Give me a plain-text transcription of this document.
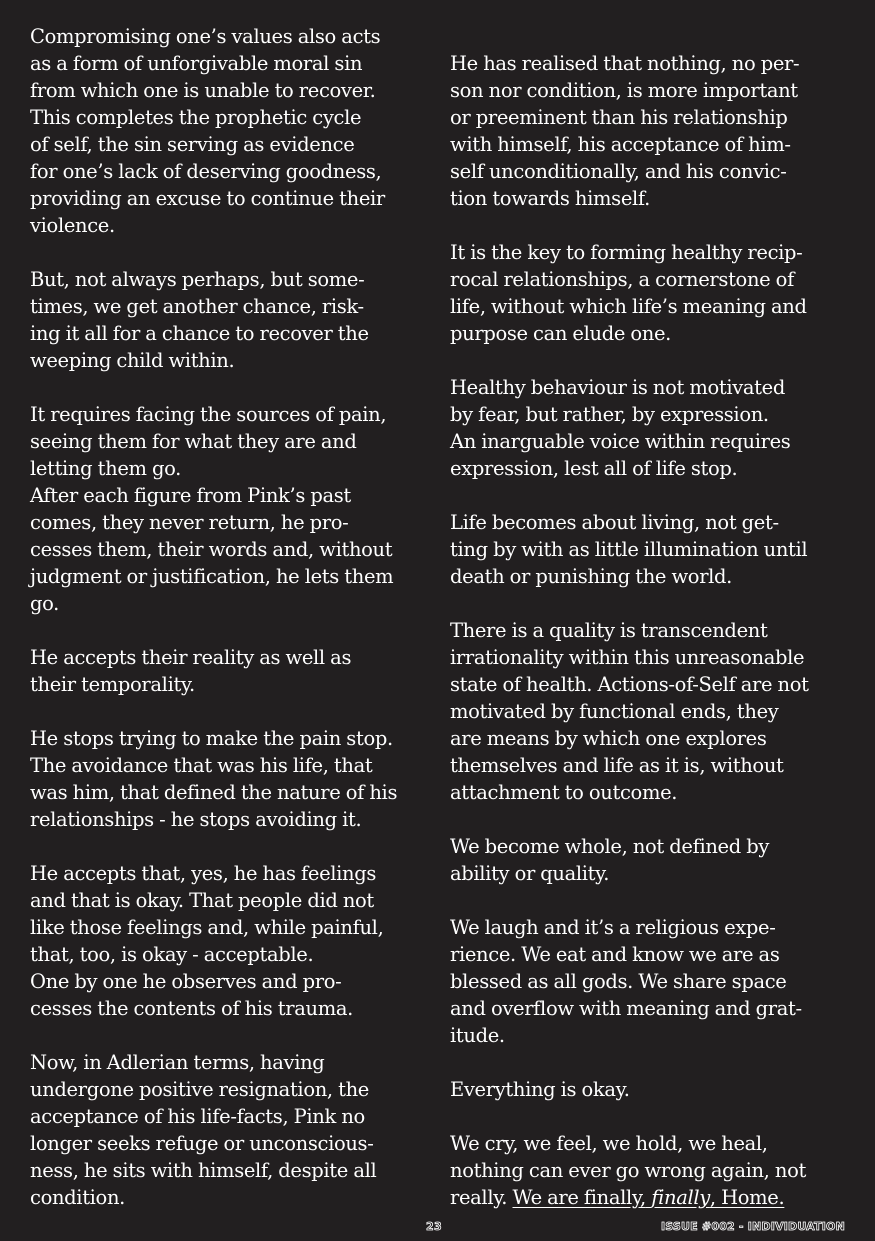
Compromising one’s values also acts
as a form of unforgivable moral sin
from which one is unable to recover.
This completes the prophetic cycle
of self, the sin serving as evidence
for one’s lack of deserving goodness,
providing an excuse to continue their
violence.
But, not always perhaps, but some-
times, we get another chance, risk-
ing it all for a chance to recover the
weeping child within.
It requires facing the sources of pain,
seeing them for what they are and
letting them go.
After each figure from Pink’s past
comes, they never return, he pro-
cesses them, their words and, without
judgment or justification, he lets them
go.
He accepts their reality as well as
their temporality.
He stops trying to make the pain stop.
The avoidance that was his life, that
was him, that defined the nature of his
relationships - he stops avoiding it.
He accepts that, yes, he has feelings
and that is okay. That people did not
like those feelings and, while painful,
that, too, is okay - acceptable.
One by one he observes and pro-
cesses the contents of his trauma.
Now, in Adlerian terms, having
undergone positive resignation, the
acceptance of his life-facts, Pink no
longer seeks refuge or unconscious-
ness, he sits with himself, despite all
condition.
He has realised that nothing, no per-
son nor condition, is more important
or preeminent than his relationship
with himself, his acceptance of him-
self unconditionally, and his convic-
tion towards himself.
It is the key to forming healthy recip-
rocal relationships, a cornerstone of
life, without which life’s meaning and
purpose can elude one.
Healthy behaviour is not motivated
by fear, but rather, by expression.
An inarguable voice within requires
expression, lest all of life stop.
Life becomes about living, not get-
ting by with as little illumination until
death or punishing the world.
There is a quality is transcendent
irrationality within this unreasonable
state of health. Actions-of-Self are not
motivated by functional ends, they
are means by which one explores
themselves and life as it is, without
attachment to outcome.
We become whole, not defined by
ability or quality.
We laugh and it’s a religious expe-
rience. We eat and know we are as
blessed as all gods. We share space
and overflow with meaning and grat-
itude.
Everything is okay.
We cry, we feel, we hold, we heal,
nothing can ever go wrong again, not
really. We are finally, finally, Home.
23	ISSUE #002 - INDIVIDUATION
